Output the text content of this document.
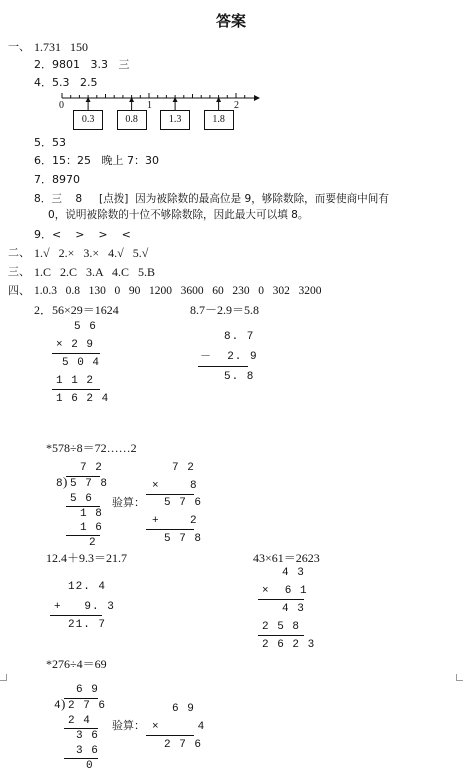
答案
一、 1.731   150
2．9801   3.3   三
4．5.3   2.5
0	1	2
0.3	0.8	1.3	1.8
5．53
6．15：25   晚上 7：30
7．8970
8．三    8     [点拨]  因为被除数的最高位是 9，够除数除，而要使商中间有
0，说明被除数的十位不够除数除，因此最大可以填 8。
9．<    >    >    <
二、 1.√   2.×   3.×   4.√   5.√
三、 1.C   2.C   3.A   4.C   5.B
四、 1.0.3   0.8   130   0   90   1200   3600   60   230   0   302   3200
2．56×29＝1624	8.7－2.9＝5.8
5 6
× 2 9
5 0 4
1 1 2
1 6 2 4
8. 7
－  2. 9
5. 8
*578÷8＝72……2
7 2
8 ) 5 7 8
5 6
1 8
1 6
2
验算：
7 2
×    8
5 7 6
+    2
5 7 8
12.4＋9.3＝21.7	43×61＝2623
12. 4
+   9. 3
21. 7
4 3
×  6 1
4 3
2 5 8
2 6 2 3
*276÷4＝69
6 9
4 ) 2 7 6
2 4
3 6
3 6
0
验算：
6 9
×     4
2 7 6
